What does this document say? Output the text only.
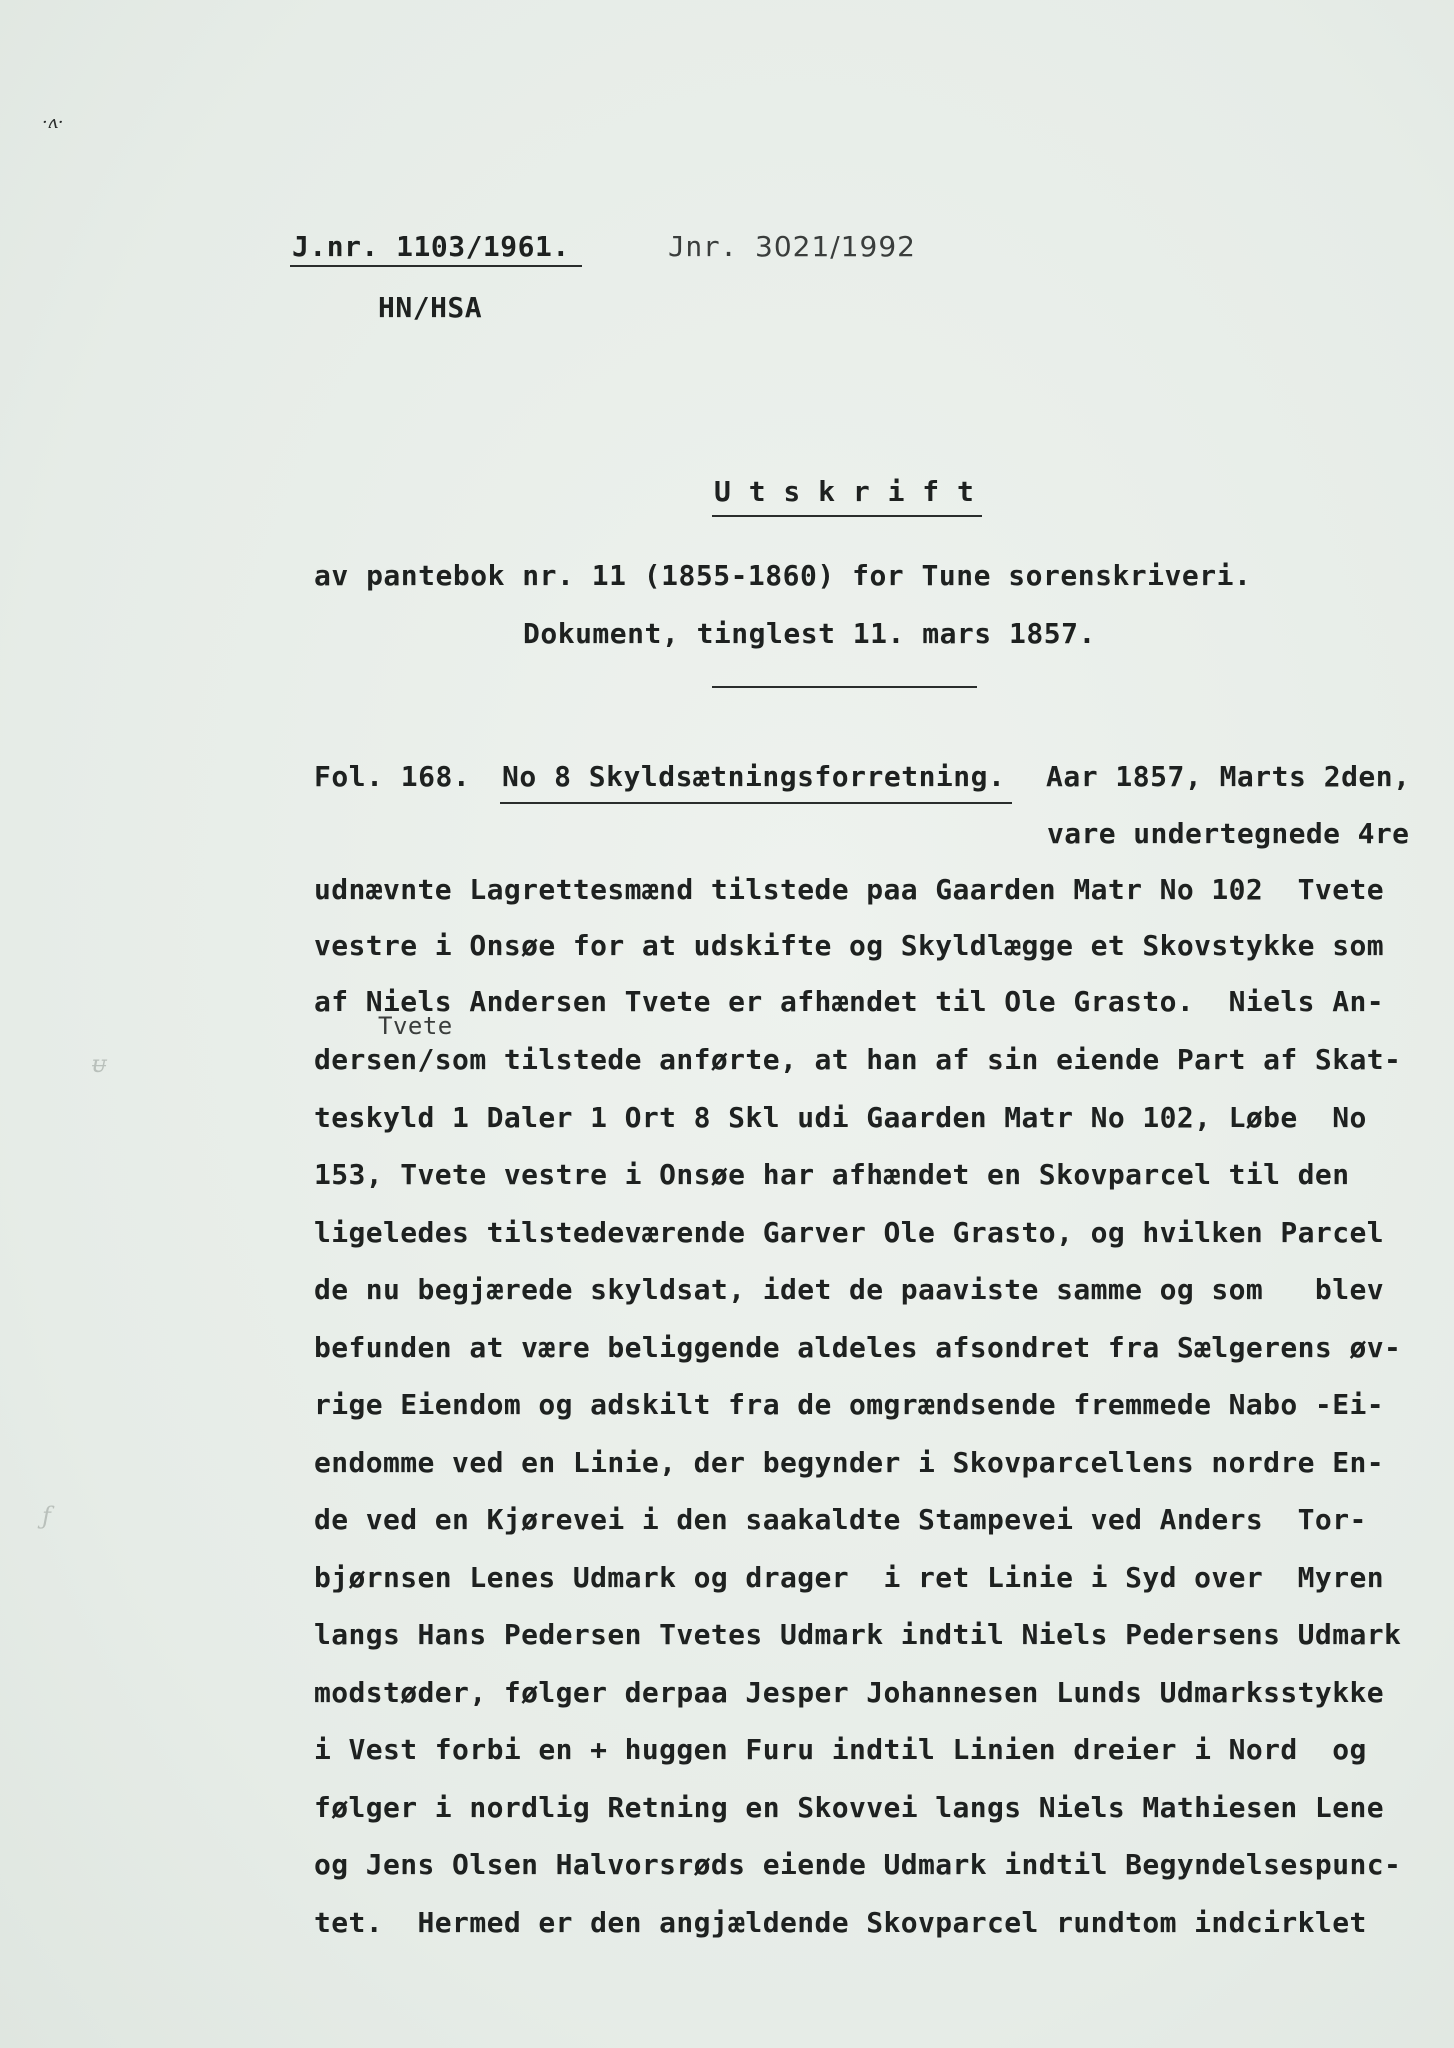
·ʌ·
ᵾ
ƒ
J.nr. 1103/1961.	Jnr. 3021/1992
HN/HSA
U t s k r i f t
av pantebok nr. 11 (1855-1860) for Tune sorenskriveri.
Dokument, tinglest 11. mars 1857.
Fol. 168. No 8 Skyldsætningsforretning. Aar 1857, Marts 2den,
vare undertegnede 4re
udnævnte Lagrettesmænd tilstede paa Gaarden Matr No 102  Tvete
vestre i Onsøe for at udskifte og Skyldlægge et Skovstykke som
af Niels Andersen Tvete er afhændet til Ole Grasto.  Niels An-
Tvete
dersen/som tilstede anførte, at han af sin eiende Part af Skat-
teskyld 1 Daler 1 Ort 8 Skl udi Gaarden Matr No 102, Løbe  No
153, Tvete vestre i Onsøe har afhændet en Skovparcel til den
ligeledes tilstedeværende Garver Ole Grasto, og hvilken Parcel
de nu begjærede skyldsat, idet de paaviste samme og som   blev
befunden at være beliggende aldeles afsondret fra Sælgerens øv-
rige Eiendom og adskilt fra de omgrændsende fremmede Nabo -Ei-
endomme ved en Linie, der begynder i Skovparcellens nordre En-
de ved en Kjørevei i den saakaldte Stampevei ved Anders  Tor-
bjørnsen Lenes Udmark og drager  i ret Linie i Syd over  Myren
langs Hans Pedersen Tvetes Udmark indtil Niels Pedersens Udmark
modstøder, følger derpaa Jesper Johannesen Lunds Udmarksstykke
i Vest forbi en + huggen Furu indtil Linien dreier i Nord  og
følger i nordlig Retning en Skovvei langs Niels Mathiesen Lene
og Jens Olsen Halvorsrøds eiende Udmark indtil Begyndelsespunc-
tet.  Hermed er den angjældende Skovparcel rundtom indcirklet
